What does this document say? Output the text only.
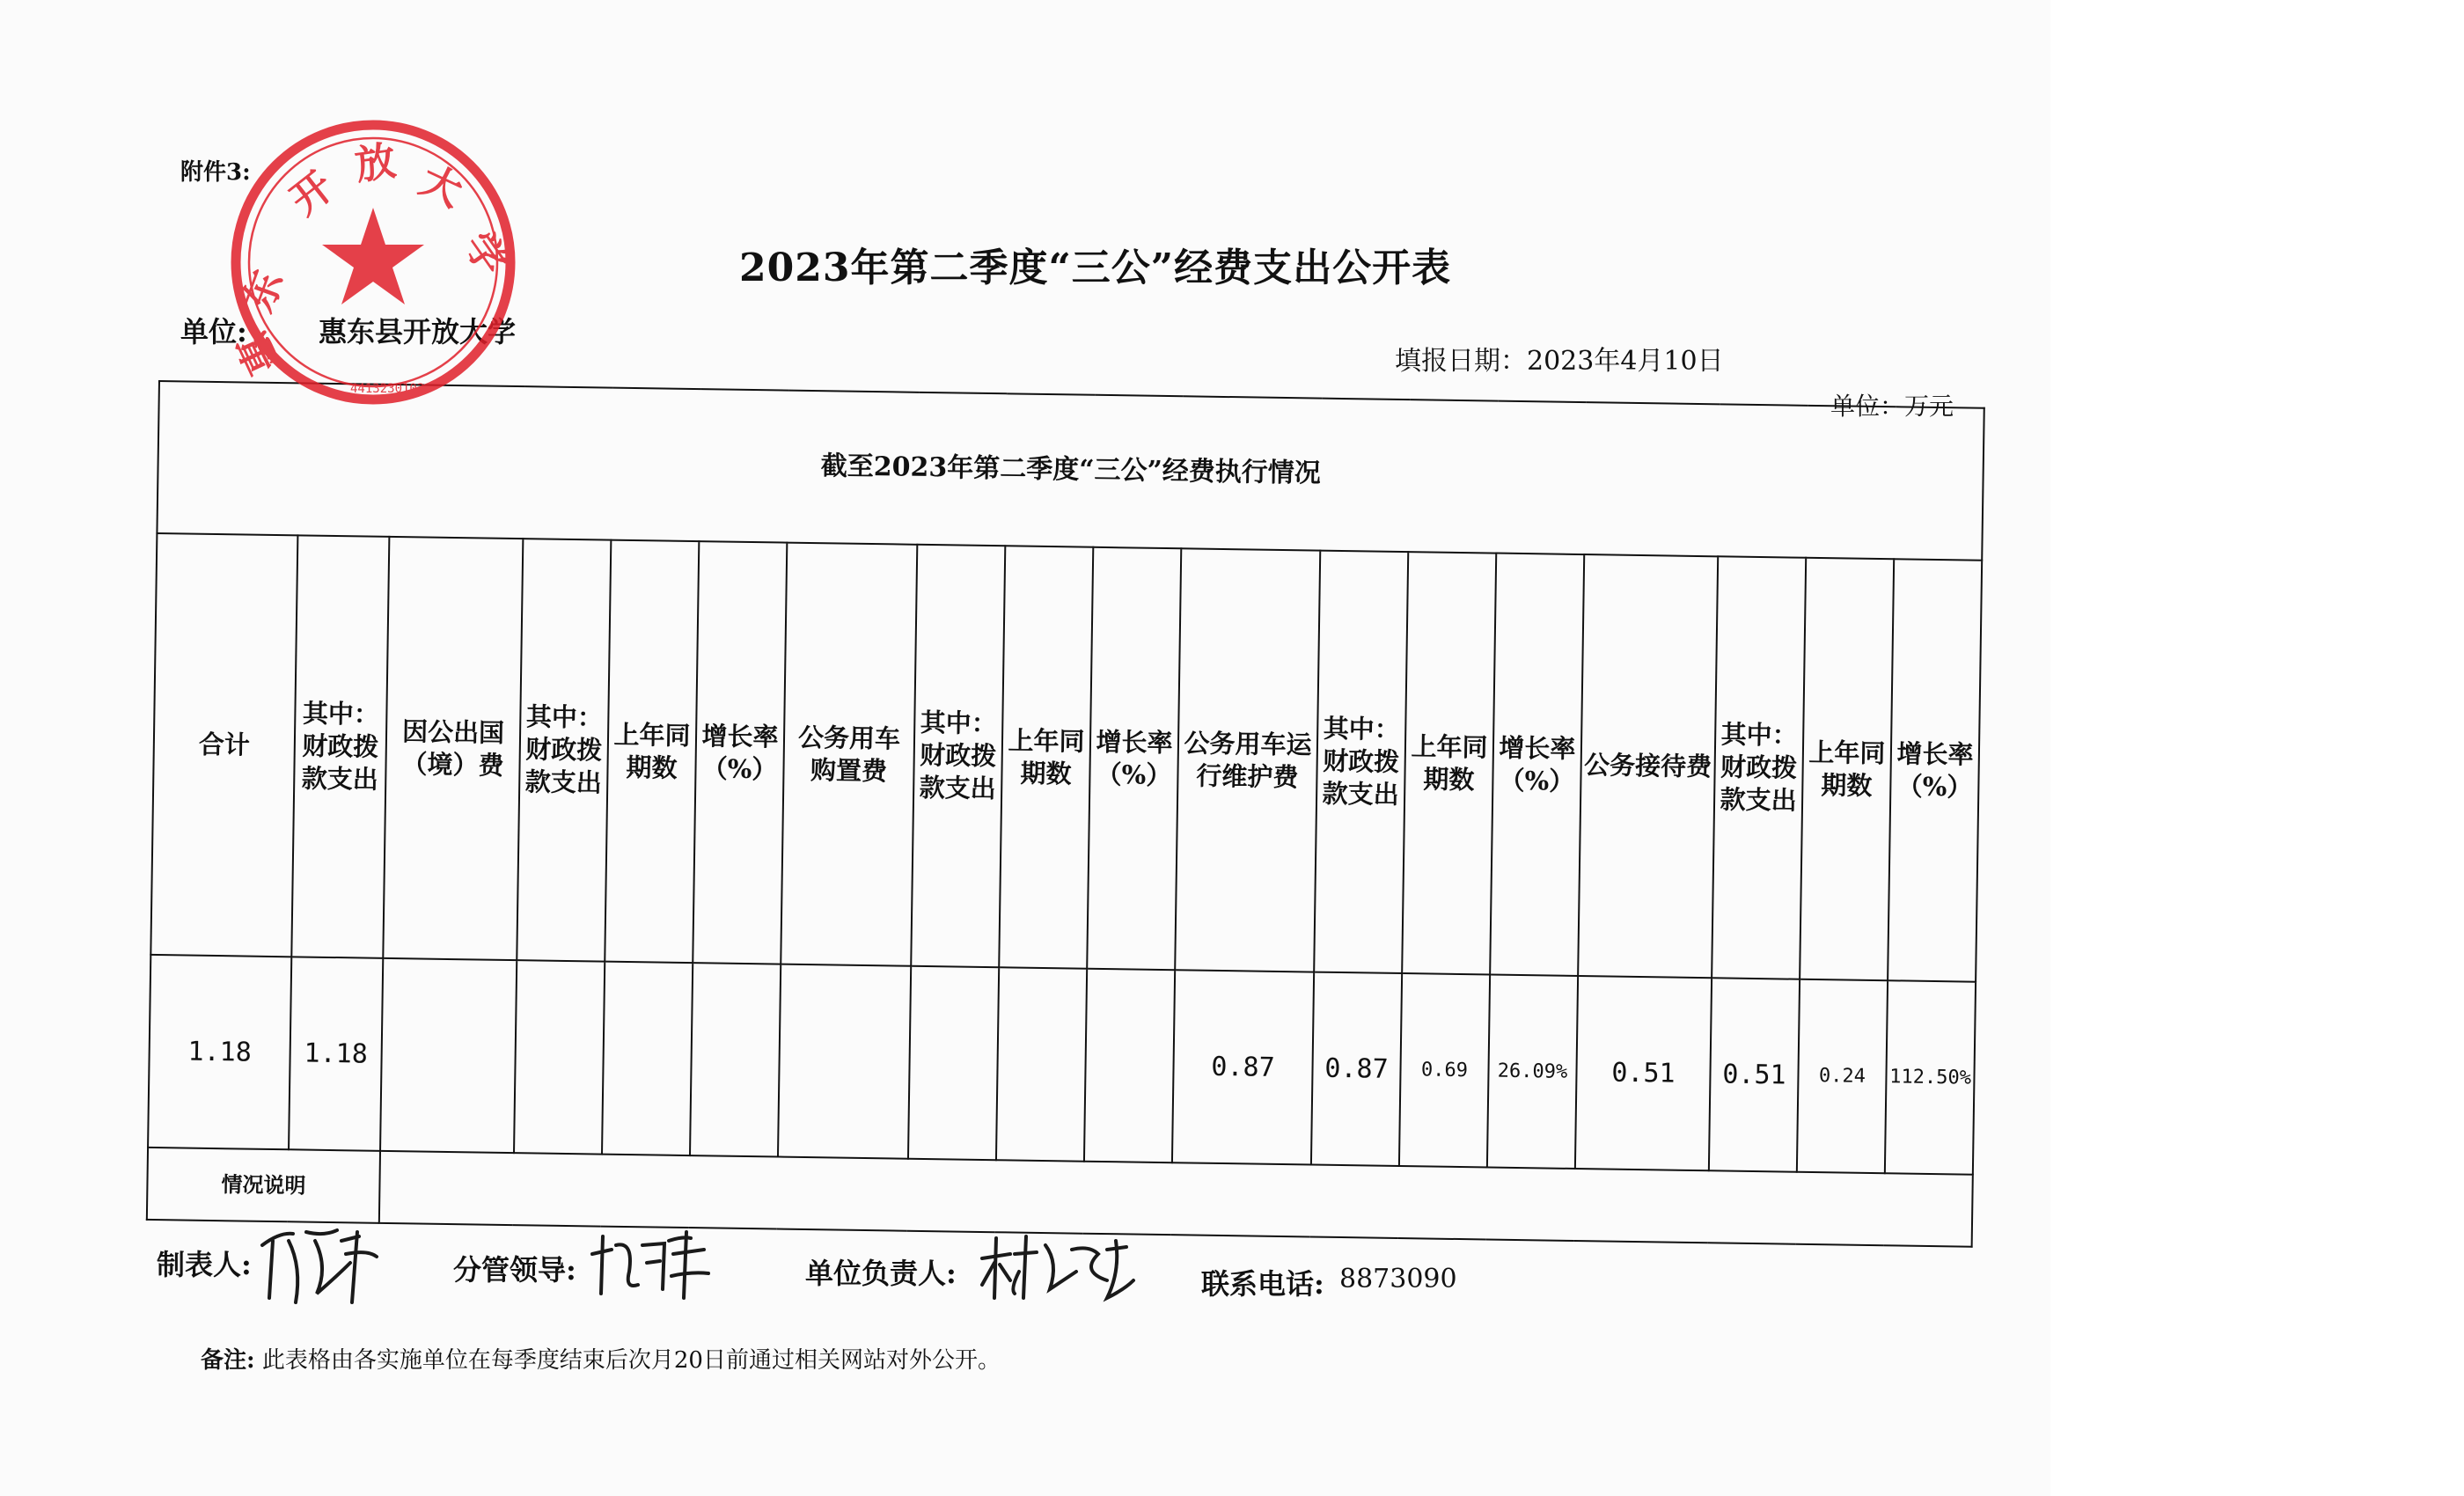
附件3:
2023年第二季度“三公”经费支出公开表
单位:	惠东县开放大学
填报日期：2023年4月10日
单位：万元
截至2023年第二季度“三公”经费执行情况																	
合计	其中：财政拨款支出	因公出国（境）费	其中：财政拨款支出	上年同期数	增长率（%）	公务用车购置费	其中：财政拨款支出	上年同期数	增长率（%）	公务用车运行维护费	其中：财政拨款支出	上年同期数	增长率（%）	公务接待费	其中：财政拨款支出	上年同期数	增长率（%）
1.18	1.18									0.87	0.87	0.69	26.09%	0.51	0.51	0.24	112.50%
情况说明																	
制表人:	分管领导:	单位负责人:	联系电话: 8873090
备注: 此表格由各实施单位在每季度结束后次月20日前通过相关网站对外公开。
东
开 放 大
学
惠
4413230103
